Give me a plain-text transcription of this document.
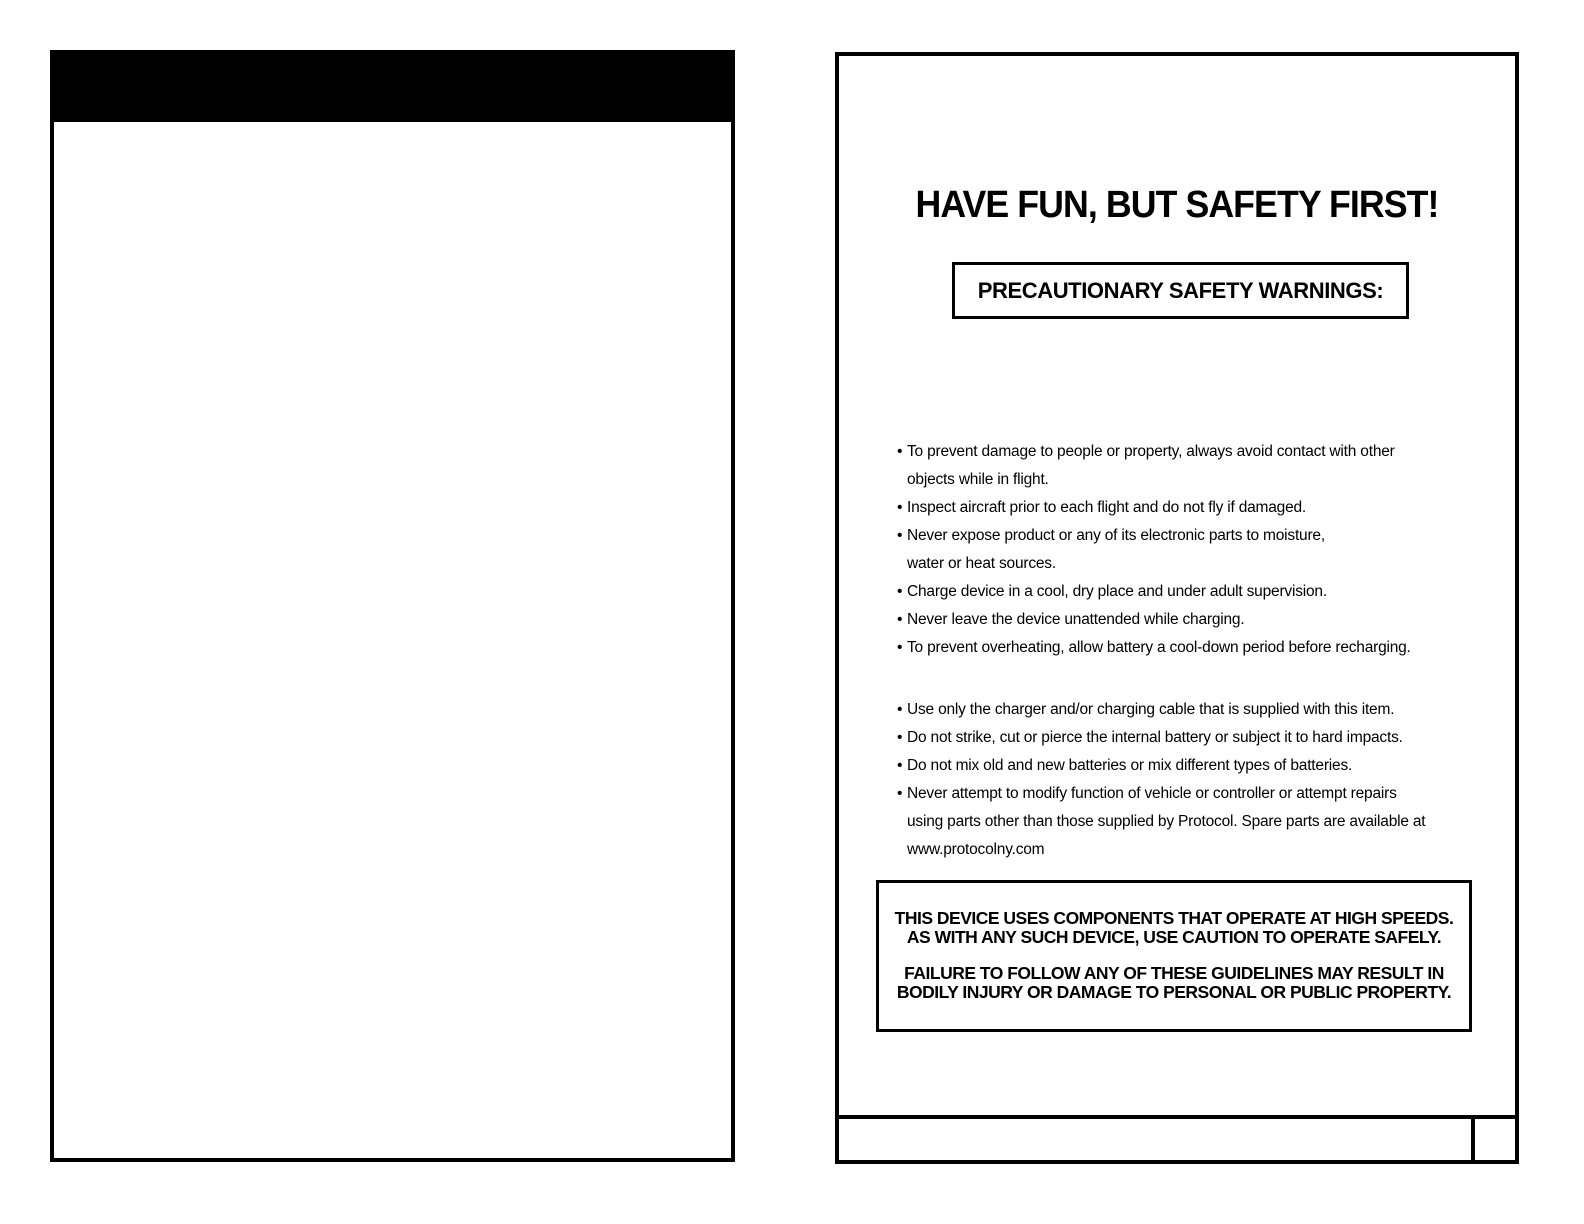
HAVE FUN, BUT SAFETY FIRST!
PRECAUTIONARY SAFETY WARNINGS:
• To prevent damage to people or property, always avoid contact with other
objects while in flight.
• Inspect aircraft prior to each flight and do not fly if damaged.
• Never expose product or any of its electronic parts to moisture,
water or heat sources.
• Charge device in a cool, dry place and under adult supervision.
• Never leave the device unattended while charging.
• To prevent overheating, allow battery a cool-down period before recharging.
• Use only the charger and/or charging cable that is supplied with this item.
• Do not strike, cut or pierce the internal battery or subject it to hard impacts.
• Do not mix old and new batteries or mix different types of batteries.
• Never attempt to modify function of vehicle or controller or attempt repairs
using parts other than those supplied by Protocol. Spare parts are available at
www.protocolny.com

THIS DEVICE USES COMPONENTS THAT OPERATE AT HIGH SPEEDS.
AS WITH ANY SUCH DEVICE, USE CAUTION TO OPERATE SAFELY.

FAILURE TO FOLLOW ANY OF THESE GUIDELINES MAY RESULT IN
BODILY INJURY OR DAMAGE TO PERSONAL OR PUBLIC PROPERTY.
